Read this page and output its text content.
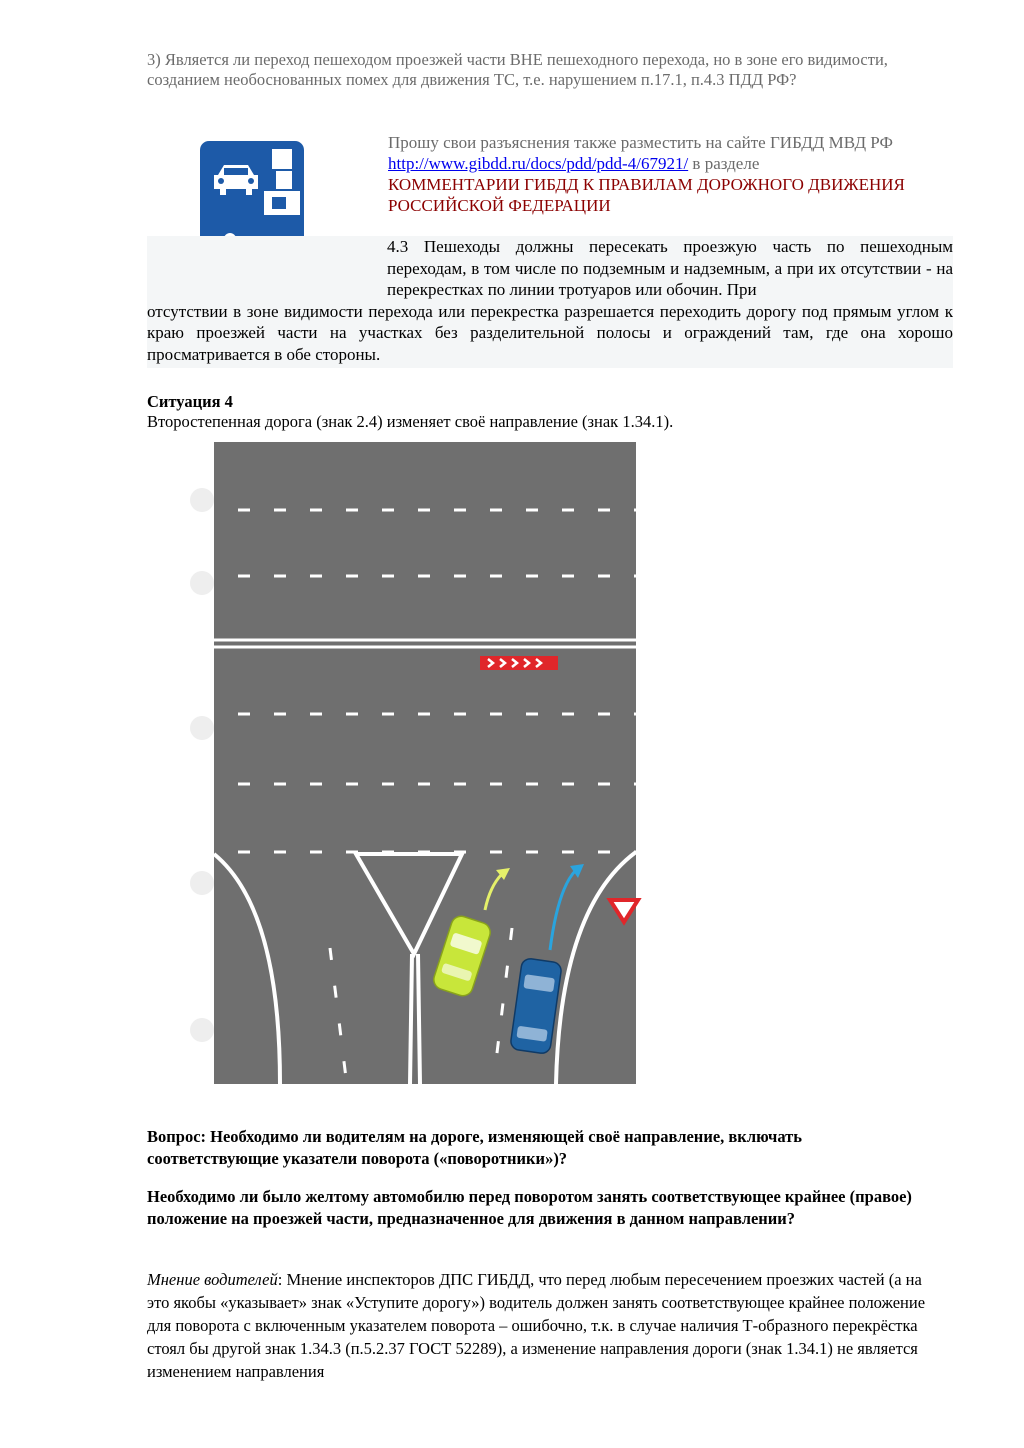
3) Является ли переход пешеходом проезжей части ВНЕ пешеходного перехода, но в зоне его видимости, созданием необоснованных помех для движения ТС, т.е. нарушением п.17.1, п.4.3 ПДД РФ?
Прошу свои разъяснения также разместить на сайте ГИБДД МВД РФ http://www.gibdd.ru/docs/pdd/pdd-4/67921/ в разделе
КОММЕНТАРИИ ГИБДД К ПРАВИЛАМ ДОРОЖНОГО ДВИЖЕНИЯ РОССИЙСКОЙ ФЕДЕРАЦИИ

4.3 Пешеходы должны пересекать проезжую часть по пешеходным переходам, в том числе по подземным и надземным, а при их отсутствии - на перекрестках по линии тротуаров или обочин. При

отсутствии в зоне видимости перехода или перекрестка разрешается переходить дорогу под прямым углом к краю проезжей части на участках без разделительной полосы и ограждений там, где она хорошо просматривается в обе стороны.

Ситуация 4
Второстепенная дорога (знак 2.4) изменяет своё направление (знак 1.34.1).
Вопрос: Необходимо ли водителям на дороге, изменяющей своё направление, включать соответствующие указатели поворота («поворотники»)?
Необходимо ли было желтому автомобилю перед поворотом занять соответствующее крайнее (правое) положение на проезжей части, предназначенное для движения в данном направлении?
Мнение водителей: Мнение инспекторов ДПС ГИБДД, что перед любым пересечением проезжих частей (а на это якобы «указывает» знак «Уступите дорогу») водитель должен занять соответствующее крайнее положение для поворота с включенным указателем поворота – ошибочно, т.к. в случае наличия Т-образного перекрёстка стоял бы другой знак 1.34.3 (п.5.2.37 ГОСТ 52289), а изменение направления дороги (знак 1.34.1) не является изменением направления
